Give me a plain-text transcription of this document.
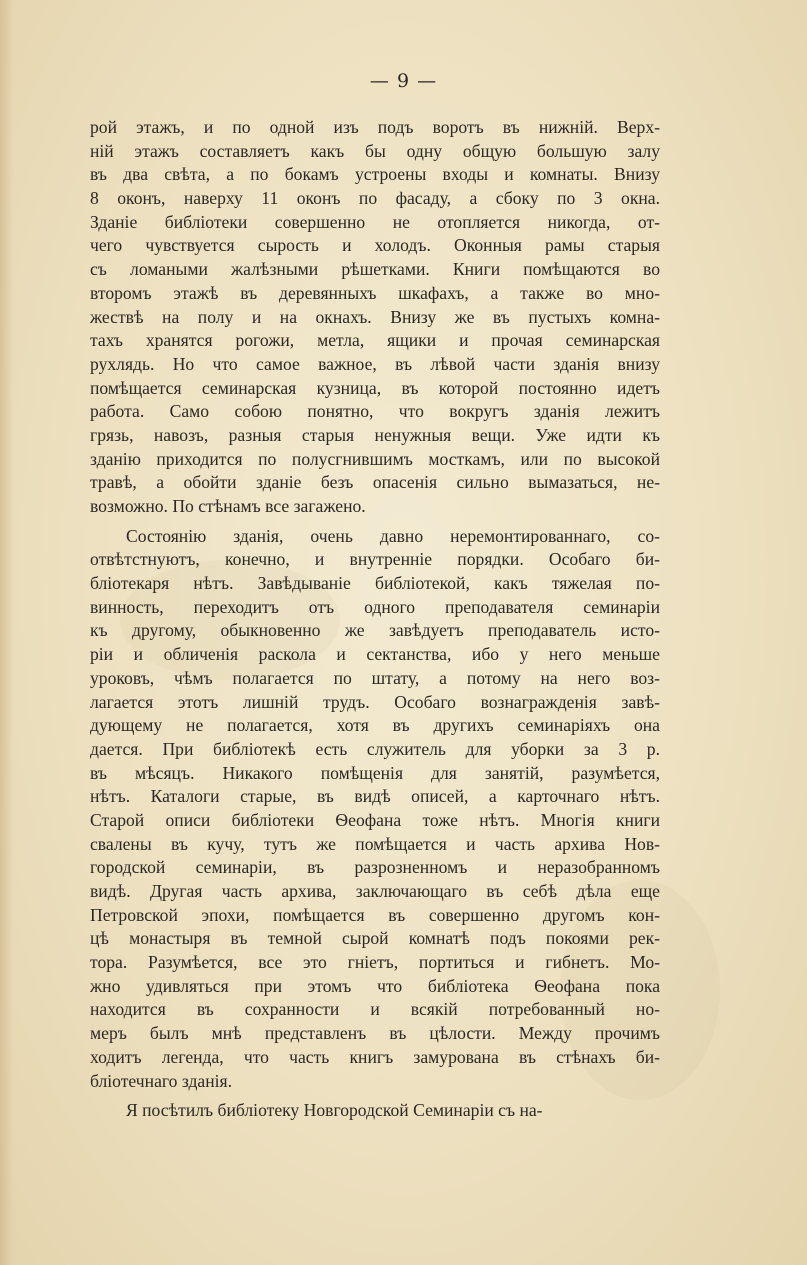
— 9 —
рой этажъ, и по одной изъ подъ воротъ въ нижній. Верх-
ній этажъ составляетъ какъ бы одну общую большую залу
въ два свѣта, а по бокамъ устроены входы и комнаты. Внизу
8 оконъ, наверху 11 оконъ по фасаду, а сбоку по 3 окна.
Зданіе библіотеки совершенно не отопляется никогда, от-
чего чувствуется сырость и холодъ. Оконныя рамы старыя
съ ломаными жалѣзными рѣшетками. Книги помѣщаются во
второмъ этажѣ въ деревянныхъ шкафахъ, а также во мно-
жествѣ на полу и на окнахъ. Внизу же въ пустыхъ комна-
тахъ хранятся рогожи, метла, ящики и прочая семинарская
рухлядь. Но что самое важное, въ лѣвой части зданія внизу
помѣщается семинарская кузница, въ которой постоянно идетъ
работа. Само собою понятно, что вокругъ зданія лежитъ
грязь, навозъ, разныя старыя ненужныя вещи. Уже идти къ
зданію приходится по полусгнившимъ мосткамъ, или по высокой
травѣ, а обойти зданіе безъ опасенія сильно вымазаться, не-
возможно. По стѣнамъ все загажено.
Состоянію зданія, очень давно неремонтированнаго, со-
отвѣтстнуютъ, конечно, и внутренніе порядки. Особаго би-
бліотекаря нѣтъ. Завѣдываніе библіотекой, какъ тяжелая по-
винность, переходитъ отъ одного преподавателя семинаріи
къ другому, обыкновенно же завѣдуетъ преподаватель исто-
ріи и обличенія раскола и сектанства, ибо у него меньше
уроковъ, чѣмъ полагается по штату, а потому на него воз-
лагается этотъ лишній трудъ. Особаго вознагражденія завѣ-
дующему не полагается, хотя въ другихъ семинаріяхъ она
дается. При библіотекѣ есть служитель для уборки за 3 р.
въ мѣсяцъ. Никакого помѣщенія для занятій, разумѣется,
нѣтъ. Каталоги старые, въ видѣ описей, а карточнаго нѣтъ.
Старой описи библіотеки Ѳеофана тоже нѣтъ. Многія книги
свалены въ кучу, тутъ же помѣщается и часть архива Нов-
городской семинаріи, въ разрозненномъ и неразобранномъ
видѣ. Другая часть архива, заключающаго въ себѣ дѣла еще
Петровской эпохи, помѣщается въ совершенно другомъ кон-
цѣ монастыря въ темной сырой комнатѣ подъ покоями рек-
тора. Разумѣется, все это гніетъ, портиться и гибнетъ. Мо-
жно удивляться при этомъ что библіотека Ѳеофана пока
находится въ сохранности и всякій потребованный но-
меръ былъ мнѣ представленъ въ цѣлости. Между прочимъ
ходитъ легенда, что часть книгъ замурована въ стѣнахъ би-
бліотечнаго зданія.
Я посѣтилъ библіотеку Новгородской Семинаріи съ на-
